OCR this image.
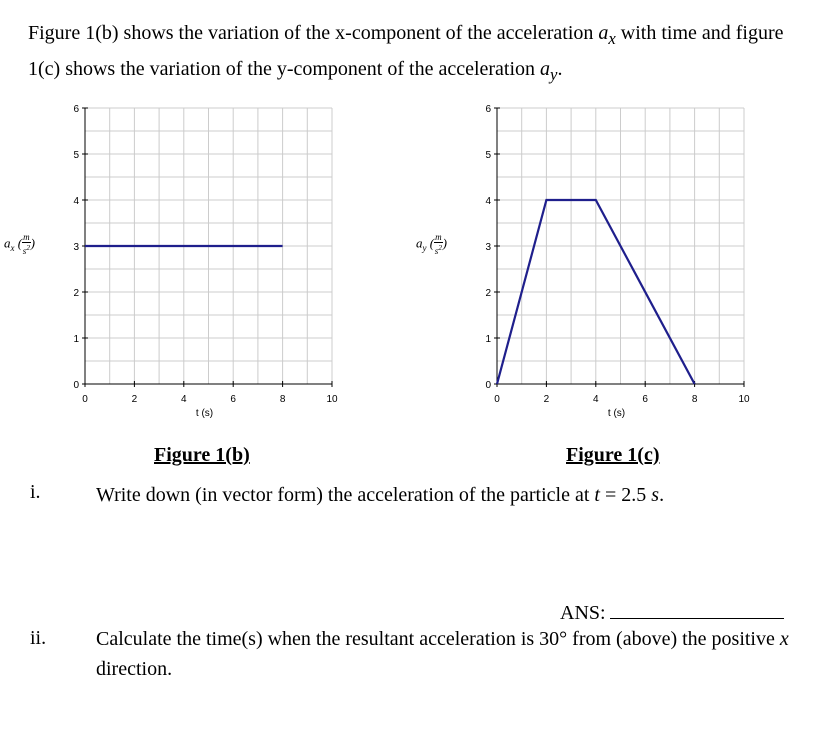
Figure 1(b) shows the variation of the x-component of the acceleration $a_x$ with time and figure 1(c) shows the variation of the y-component of the acceleration $a_y$.
$a_x$ ( $\frac{m}{s^2}$)
0	2	4	6	8	10
0
1
2
3
4
5
6
t (s)
$a_y$ ( $\frac{m}{s^2}$)
0	2	4	6	8	10
0
1
2
3
4
5
6
t (s)
Figure 1(b)	Figure 1(c)
i.	Write down (in vector form) the acceleration of the particle at t = 2.5 s.
ANS:
ii. Calculate the time(s) when the resultant acceleration is 30° from (above) the positive x direction.
